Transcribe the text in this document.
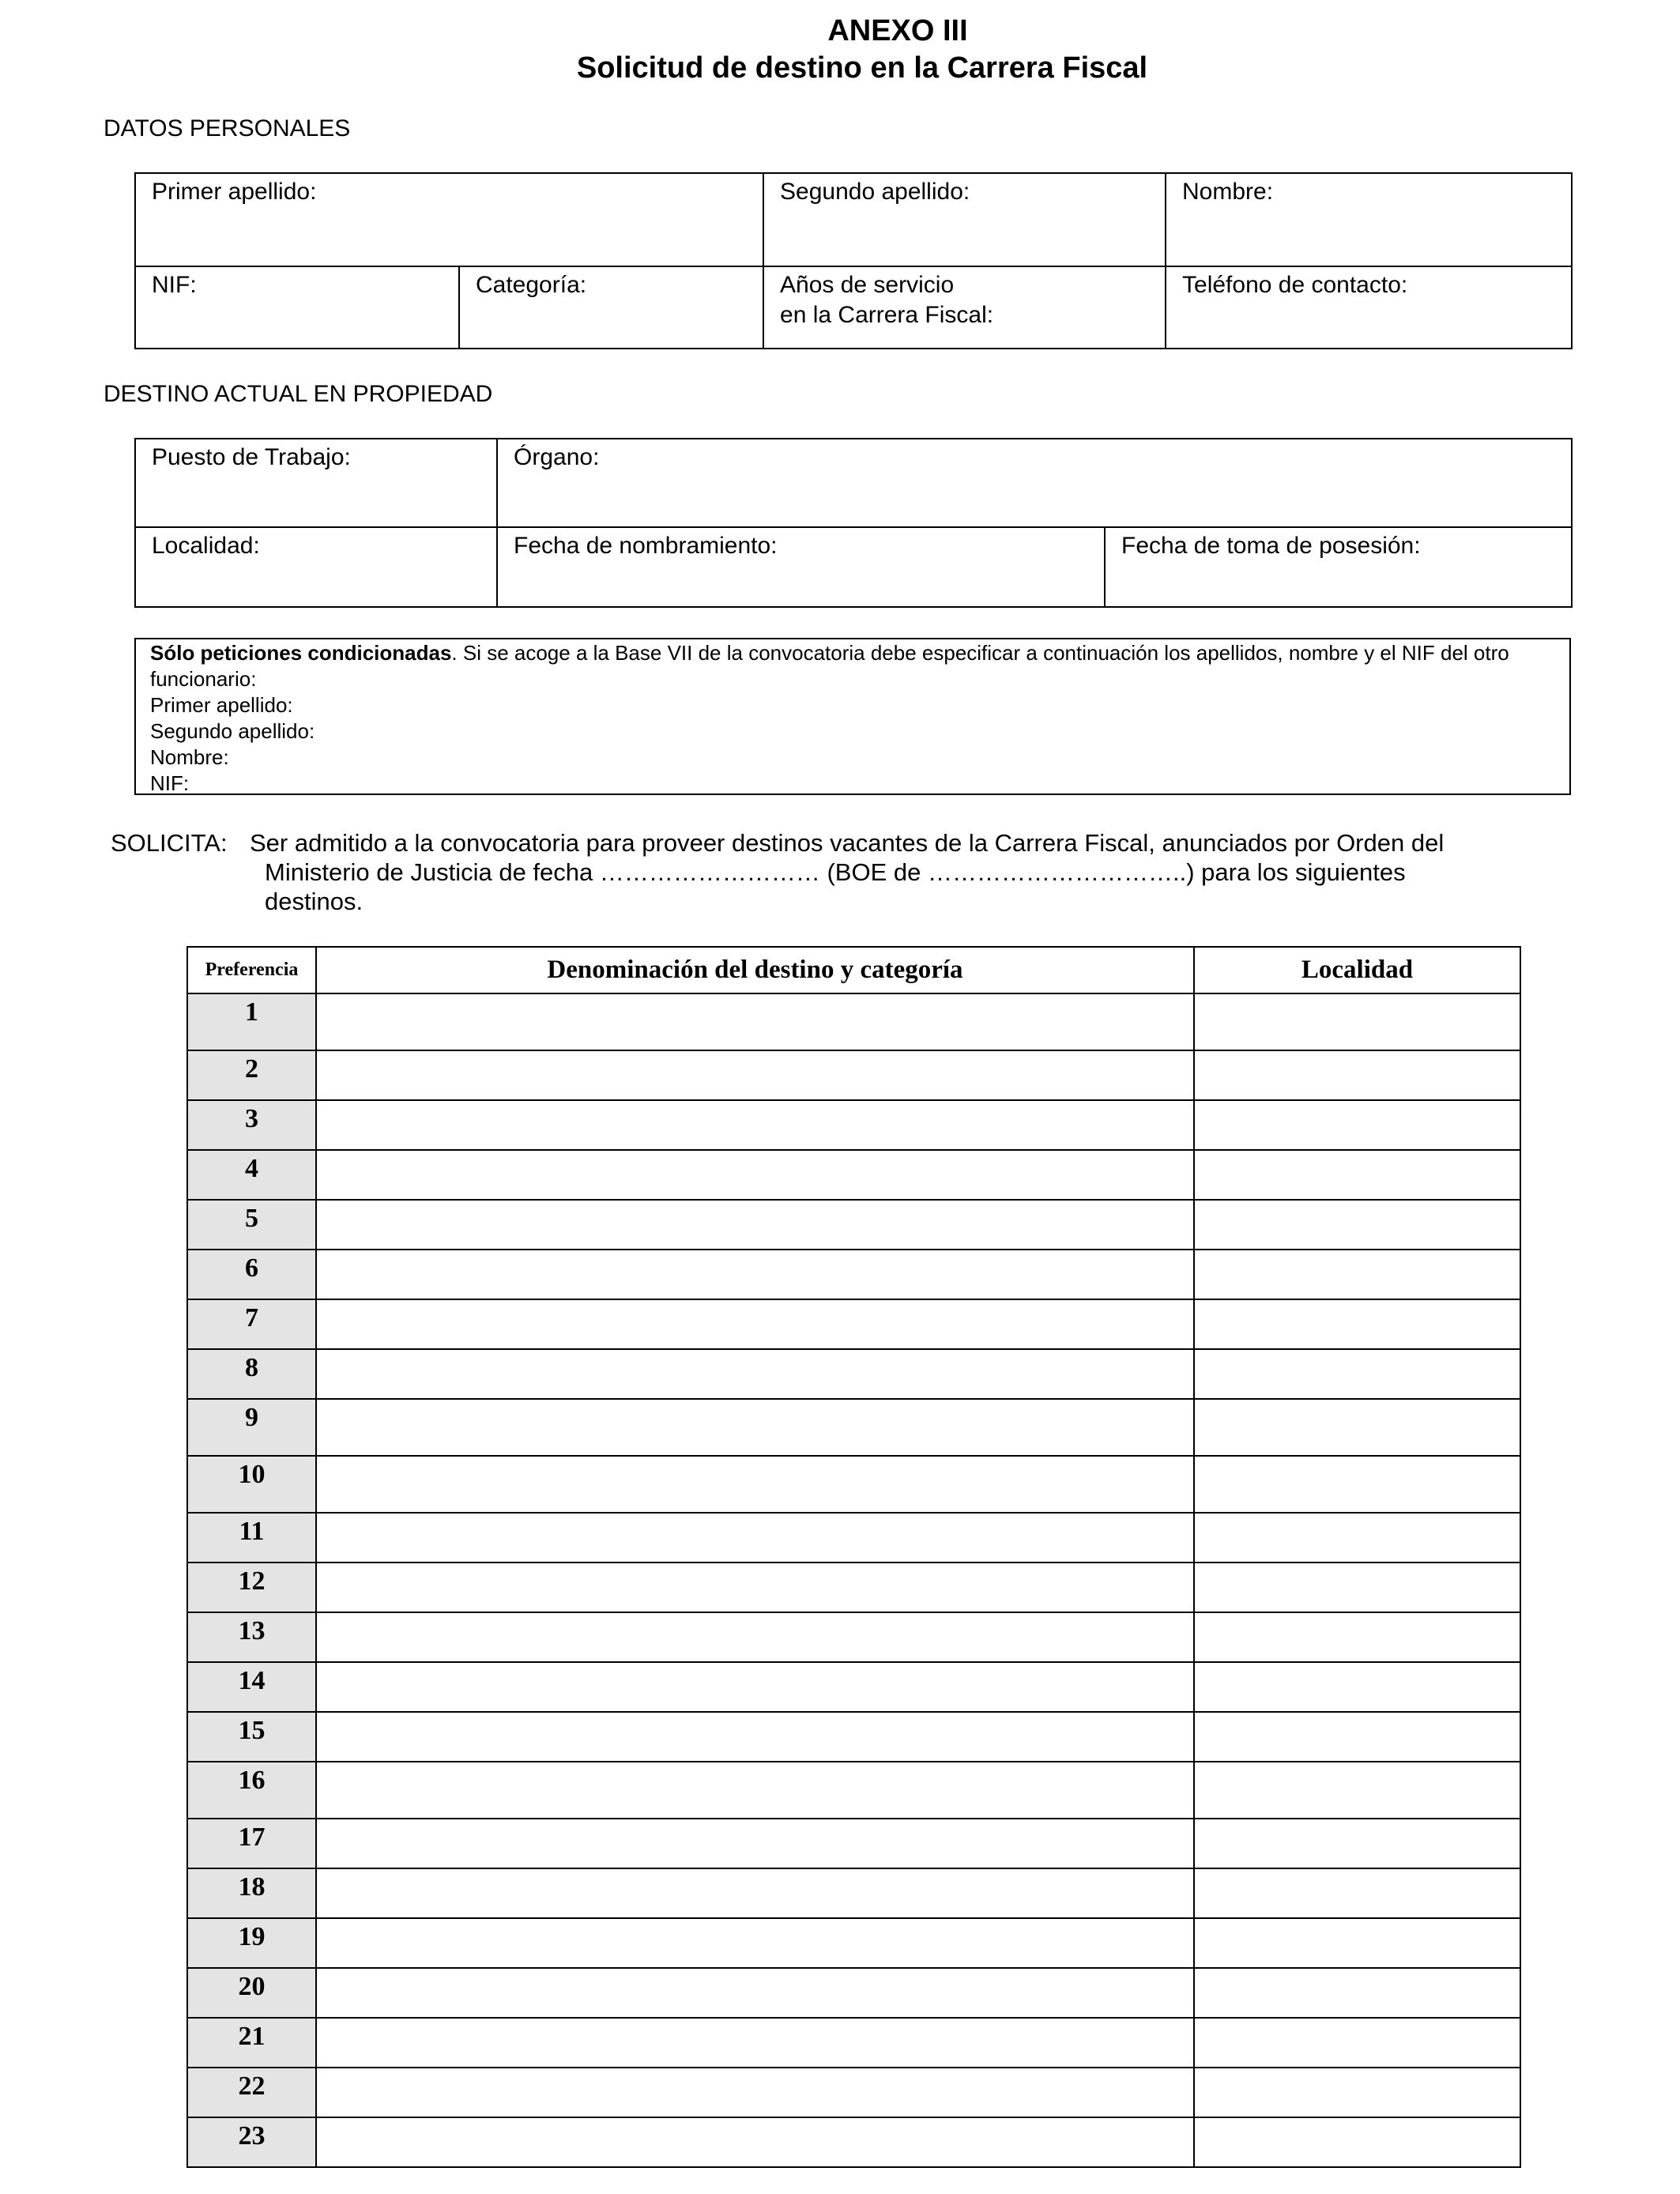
ANEXO III
Solicitud de destino en la Carrera Fiscal
DATOS PERSONALES
Primer apellido:		Segundo apellido:	Nombre:
NIF:	Categoría:	Años de servicio
en la Carrera Fiscal:	Teléfono de contacto:
DESTINO ACTUAL EN PROPIEDAD
Puesto de Trabajo:	Órgano:	
Localidad:	Fecha de nombramiento:	Fecha de toma de posesión:
Sólo peticiones condicionadas. Si se acoge a la Base VII de la convocatoria debe especificar a continuación los apellidos, nombre y el NIF del otro funcionario:
Primer apellido:
Segundo apellido:
Nombre:
NIF:
SOLICITA: Ser admitido a la convocatoria para proveer destinos vacantes de la Carrera Fiscal, anunciados por Orden del
Ministerio de Justicia de fecha ……………………… (BOE de …………………………..) para los siguientes
destinos.
Preferencia	Denominación del destino y categoría	Localidad
1		
2		
3		
4		
5		
6		
7		
8		
9		
10		
11		
12		
13		
14		
15		
16		
17		
18		
19		
20		
21		
22		
23		
